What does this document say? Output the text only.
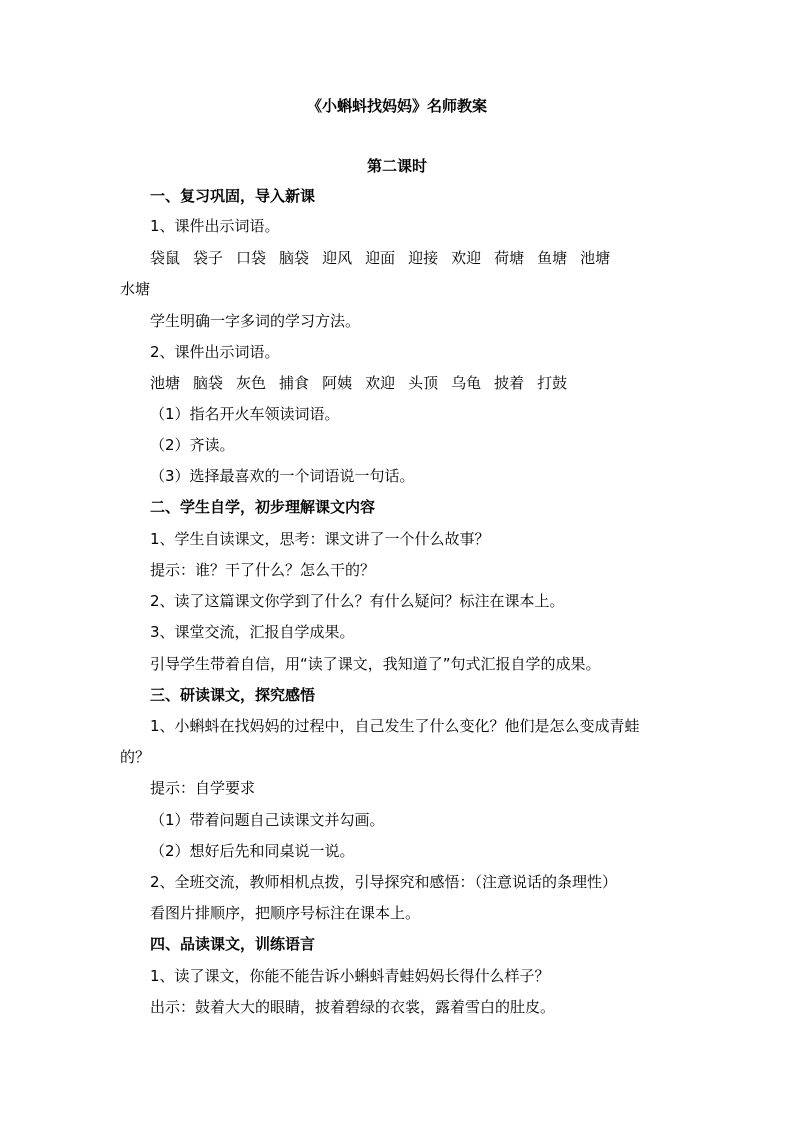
《小蝌蚪找妈妈》名师教案
第二课时
一、复习巩固，导入新课
1、课件出示词语。
袋鼠 袋子 口袋 脑袋 迎风 迎面 迎接 欢迎 荷塘 鱼塘 池塘
水塘
学生明确一字多词的学习方法。
2、课件出示词语。
池塘 脑袋 灰色 捕食 阿姨 欢迎 头顶 乌龟 披着 打鼓
（1）指名开火车领读词语。
（2）齐读。
（3）选择最喜欢的一个词语说一句话。
二、学生自学，初步理解课文内容
1、学生自读课文，思考：课文讲了一个什么故事？
提示：谁？干了什么？怎么干的？
2、读了这篇课文你学到了什么？有什么疑问？标注在课本上。
3、课堂交流，汇报自学成果。
引导学生带着自信，用“读了课文，我知道了”句式汇报自学的成果。
三、研读课文，探究感悟
1、小蝌蚪在找妈妈的过程中，自己发生了什么变化？他们是怎么变成青蛙
的？
提示：自学要求
（1）带着问题自己读课文并勾画。
（2）想好后先和同桌说一说。
2、全班交流，教师相机点拨，引导探究和感悟：（注意说话的条理性）
看图片排顺序，把顺序号标注在课本上。
四、品读课文，训练语言
1、读了课文，你能不能告诉小蝌蚪青蛙妈妈长得什么样子？
出示：鼓着大大的眼睛，披着碧绿的衣裳，露着雪白的肚皮。
